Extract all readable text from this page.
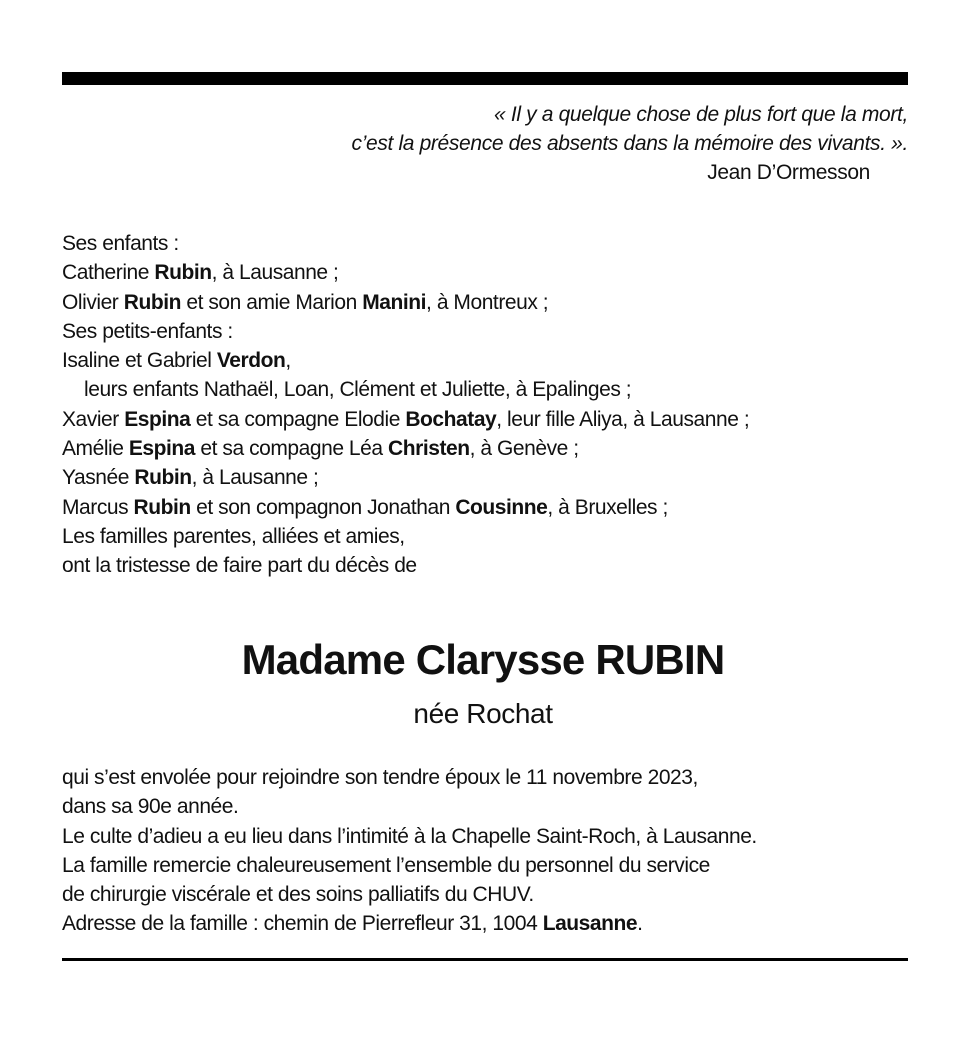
« Il y a quelque chose de plus fort que la mort,
c’est la présence des absents dans la mémoire des vivants. ».
Jean D’Ormesson
Ses enfants :
Catherine Rubin, à Lausanne ;
Olivier Rubin et son amie Marion Manini, à Montreux ;
Ses petits-enfants :
Isaline et Gabriel Verdon,
leurs enfants Nathaël, Loan, Clément et Juliette, à Epalinges ;
Xavier Espina et sa compagne Elodie Bochatay, leur fille Aliya, à Lausanne ;
Amélie Espina et sa compagne Léa Christen, à Genève ;
Yasnée Rubin, à Lausanne ;
Marcus Rubin et son compagnon Jonathan Cousinne, à Bruxelles ;
Les familles parentes, alliées et amies,
ont la tristesse de faire part du décès de
Madame Clarysse RUBIN
née Rochat
qui s’est envolée pour rejoindre son tendre époux le 11 novembre 2023,
dans sa 90e année.
Le culte d’adieu a eu lieu dans l’intimité à la Chapelle Saint-Roch, à Lausanne.
La famille remercie chaleureusement l’ensemble du personnel du service
de chirurgie viscérale et des soins palliatifs du CHUV.
Adresse de la famille : chemin de Pierrefleur 31, 1004 Lausanne.
